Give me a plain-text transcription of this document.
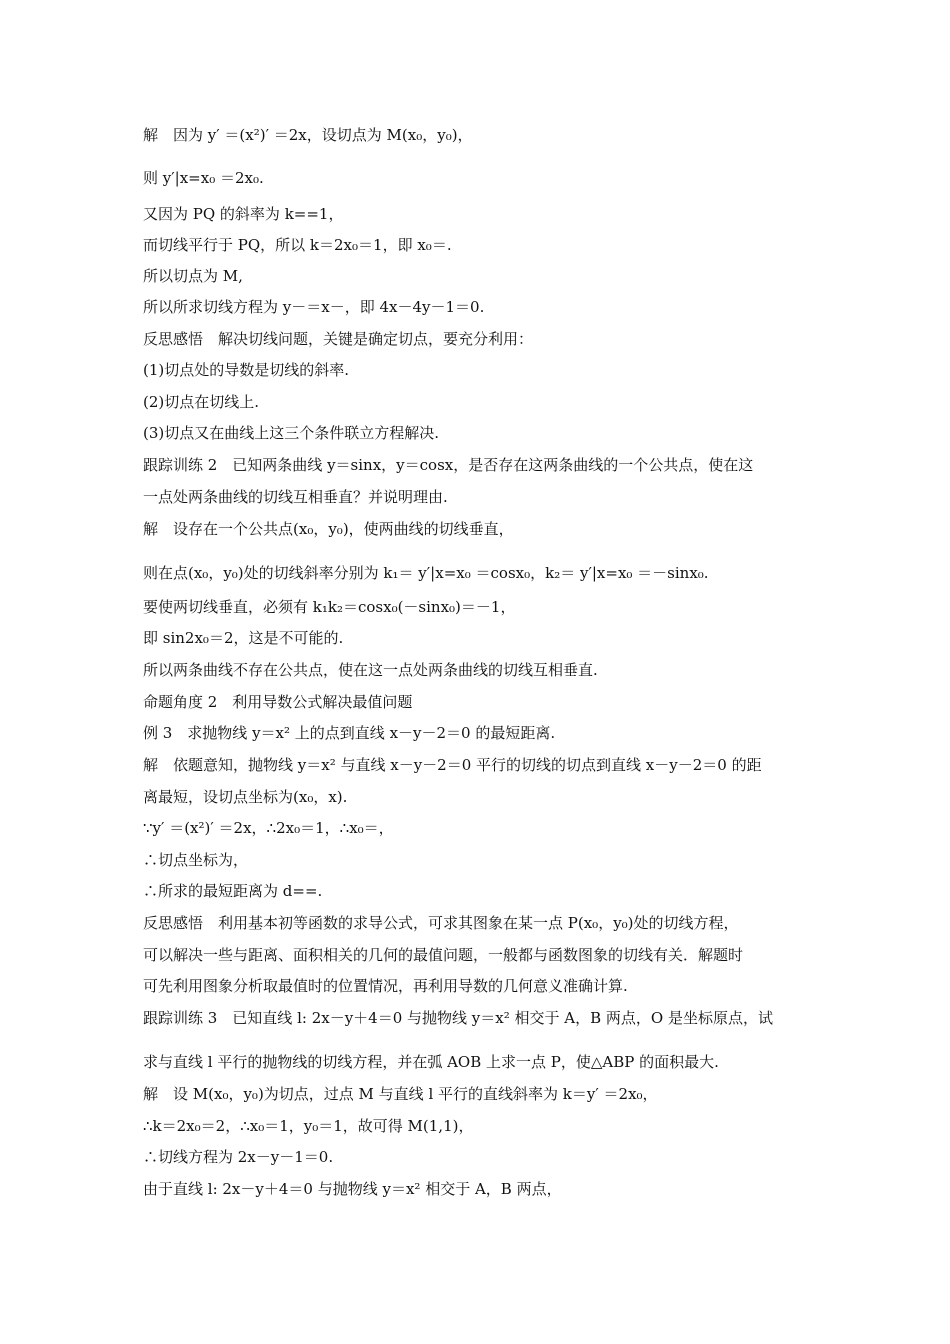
解　因为 y′ ＝(x²)′ ＝2x，设切点为 M(x₀，y₀)，
则 y′|x=x₀ ＝2x₀.
又因为 PQ 的斜率为 k==1，
而切线平行于 PQ，所以 k＝2x₀＝1，即 x₀＝.
所以切点为 M,
所以所求切线方程为 y－＝x－，即 4x－4y－1＝0.
反思感悟　解决切线问题，关键是确定切点，要充分利用：
(1)切点处的导数是切线的斜率.
(2)切点在切线上.
(3)切点又在曲线上这三个条件联立方程解决.
跟踪训练 2　已知两条曲线 y＝sinx，y＝cosx，是否存在这两条曲线的一个公共点，使在这
一点处两条曲线的切线互相垂直？并说明理由.
解　设存在一个公共点(x₀，y₀)，使两曲线的切线垂直，
则在点(x₀，y₀)处的切线斜率分别为 k₁＝ y′|x=x₀ ＝cosx₀，k₂＝ y′|x=x₀ ＝－sinx₀.
要使两切线垂直，必须有 k₁k₂＝cosx₀(－sinx₀)＝－1，
即 sin2x₀＝2，这是不可能的.
所以两条曲线不存在公共点，使在这一点处两条曲线的切线互相垂直.
命题角度 2　利用导数公式解决最值问题
例 3　求抛物线 y＝x² 上的点到直线 x－y－2＝0 的最短距离.
解　依题意知，抛物线 y＝x² 与直线 x－y－2＝0 平行的切线的切点到直线 x－y－2＝0 的距
离最短，设切点坐标为(x₀，x).
∵y′ ＝(x²)′ ＝2x，∴2x₀＝1，∴x₀＝，
∴切点坐标为，
∴所求的最短距离为 d==.
反思感悟　利用基本初等函数的求导公式，可求其图象在某一点 P(x₀，y₀)处的切线方程，
可以解决一些与距离、面积相关的几何的最值问题，一般都与函数图象的切线有关．解题时
可先利用图象分析取最值时的位置情况，再利用导数的几何意义准确计算.
跟踪训练 3　已知直线 l: 2x－y＋4＝0 与抛物线 y＝x² 相交于 A，B 两点，O 是坐标原点，试
求与直线 l 平行的抛物线的切线方程，并在弧 AOB 上求一点 P，使△ABP 的面积最大.
解　设 M(x₀，y₀)为切点，过点 M 与直线 l 平行的直线斜率为 k＝y′ ＝2x₀，
∴k＝2x₀＝2，∴x₀＝1，y₀＝1，故可得 M(1,1)，
∴切线方程为 2x－y－1＝0.
由于直线 l: 2x－y＋4＝0 与抛物线 y＝x² 相交于 A，B 两点，
